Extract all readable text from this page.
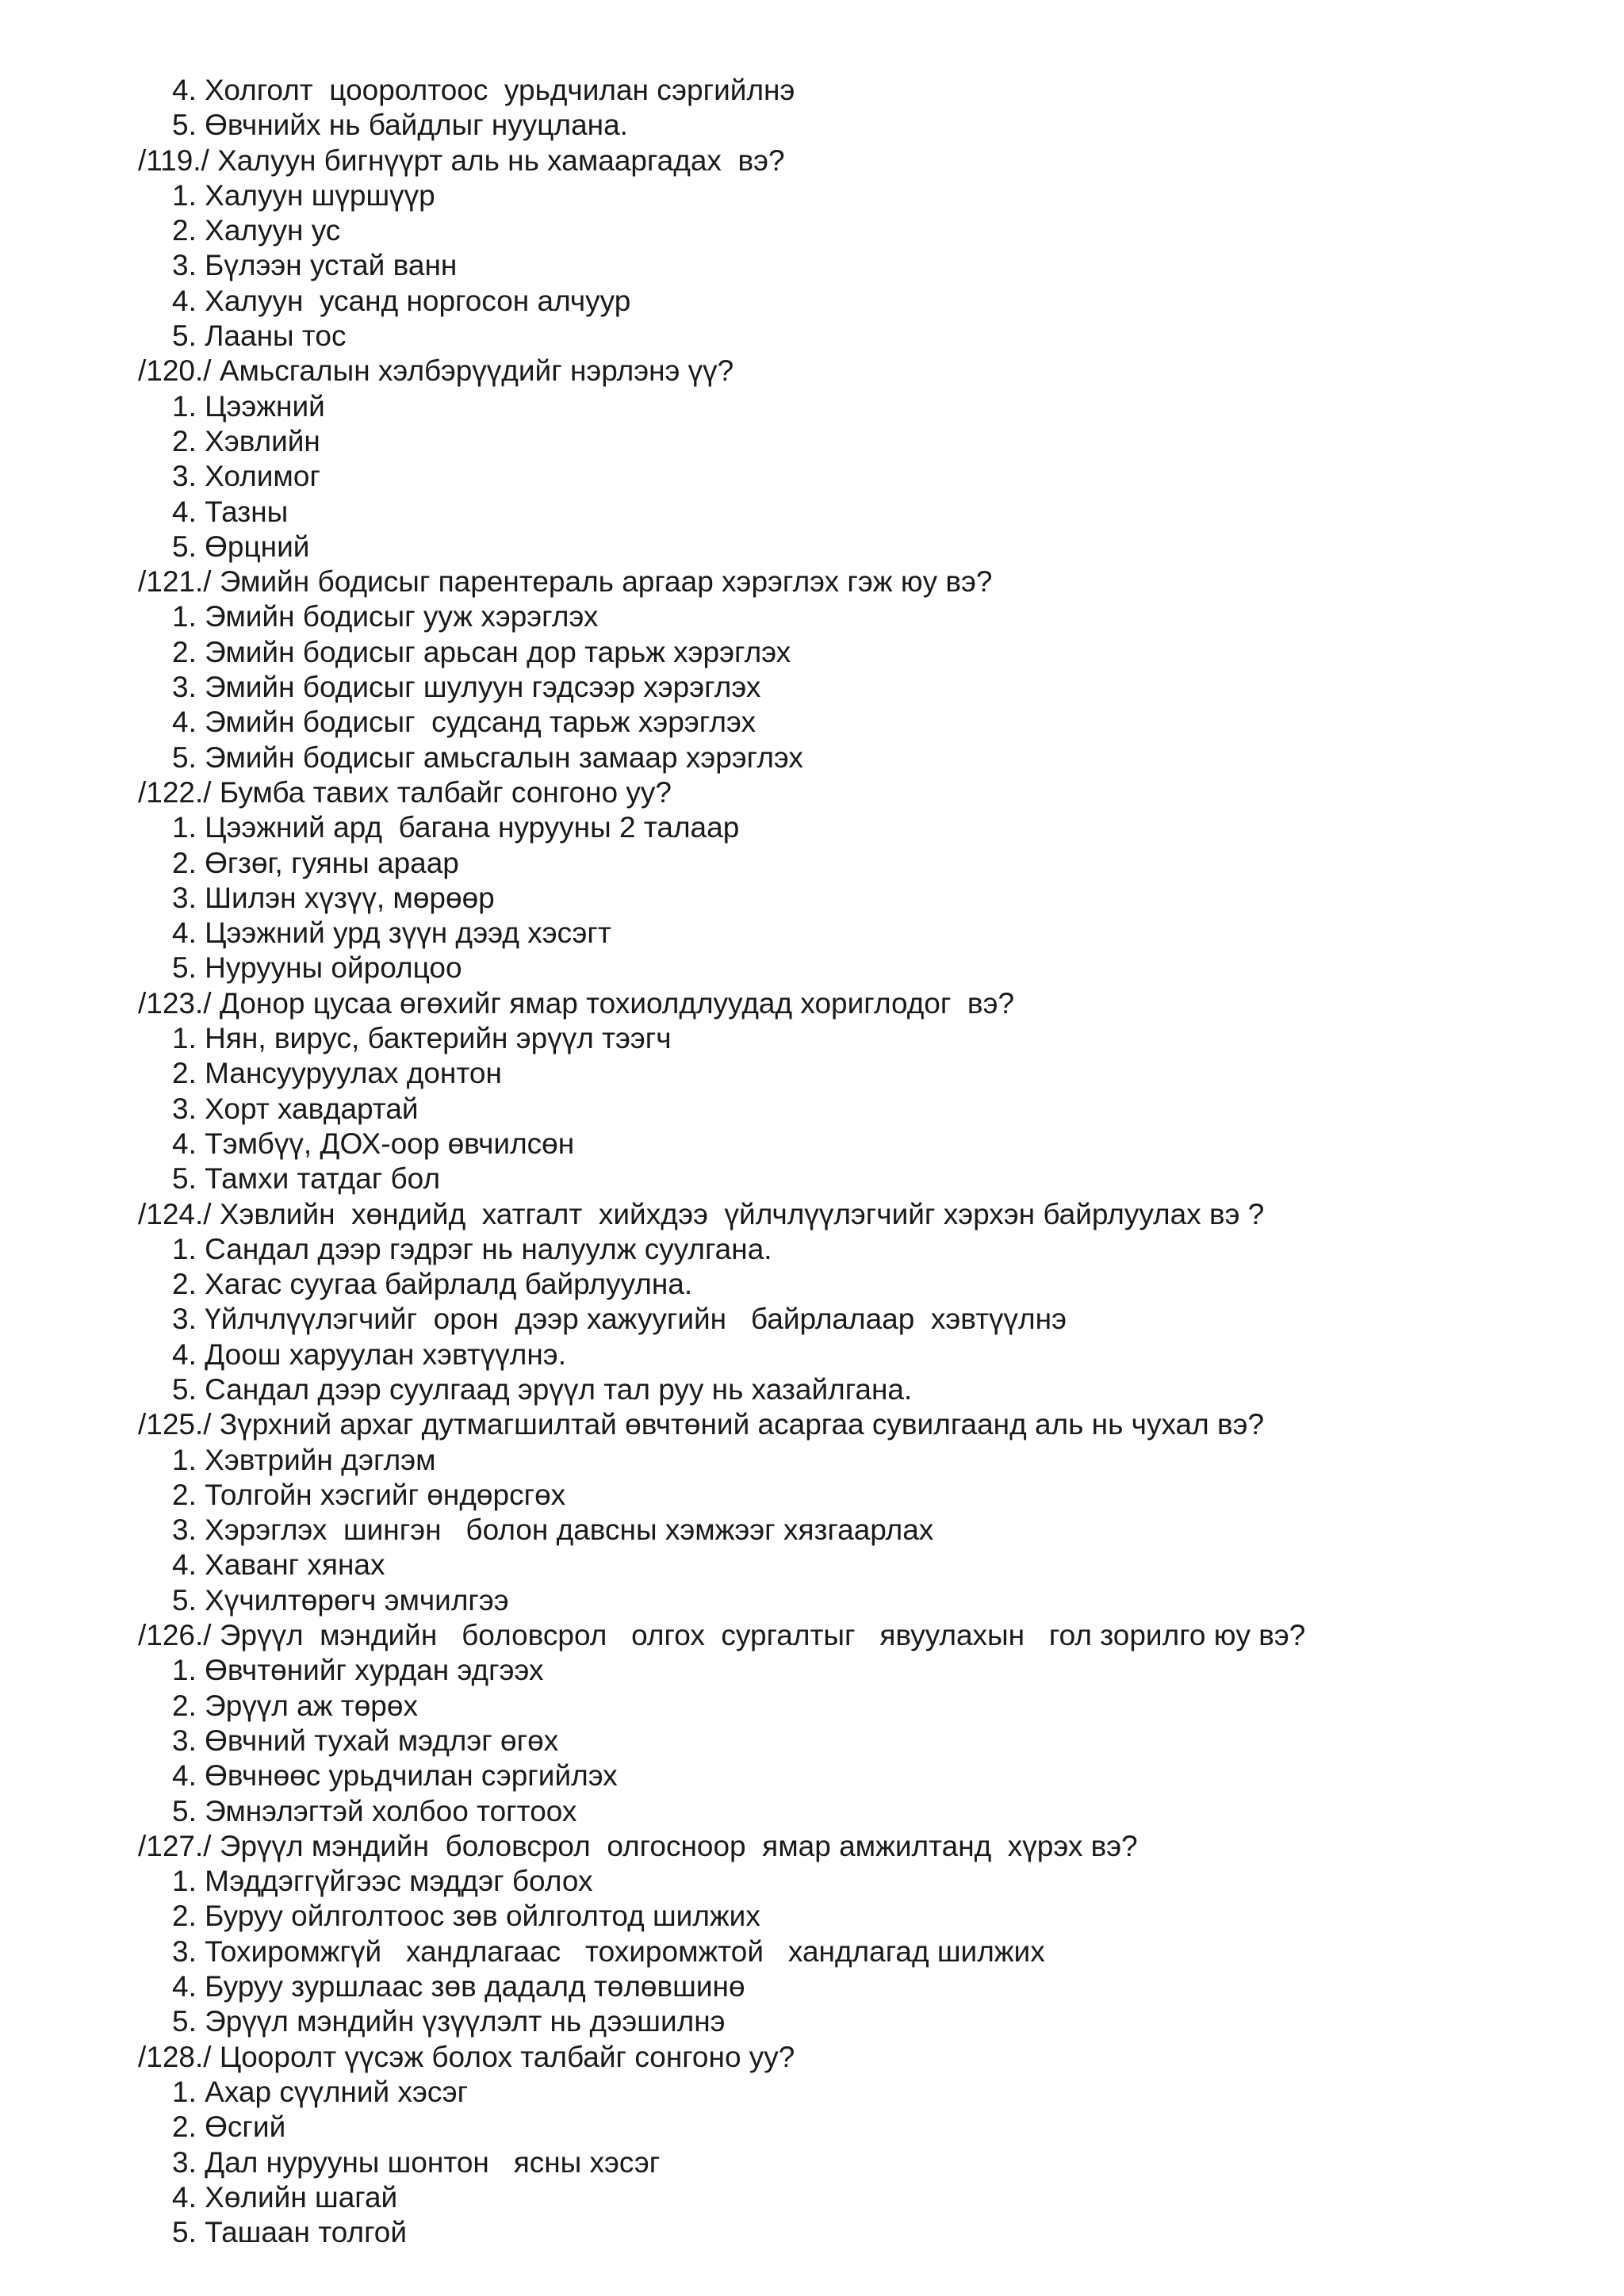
4. Холголт  цооролтоос  урьдчилан сэргийлнэ
5. Өвчнийх нь байдлыг нууцлана.
/119./ Халуун бигнүүрт аль нь хамааргадах  вэ?
1. Халуун шүршүүр
2. Халуун ус
3. Бүлээн устай ванн
4. Халуун  усанд норгосон алчуур
5. Лааны тос
/120./ Амьсгалын хэлбэрүүдийг нэрлэнэ үү?
1. Цээжний
2. Хэвлийн
3. Холимог
4. Тазны
5. Өрцний
/121./ Эмийн бодисыг парентераль аргаар хэрэглэх гэж юу вэ?
1. Эмийн бодисыг ууж хэрэглэх
2. Эмийн бодисыг арьсан дор тарьж хэрэглэх
3. Эмийн бодисыг шулуун гэдсээр хэрэглэх
4. Эмийн бодисыг  судсанд тарьж хэрэглэх
5. Эмийн бодисыг амьсгалын замаар хэрэглэх
/122./ Бумба тавих талбайг сонгоно уу?
1. Цээжний ард  багана нурууны 2 талаар
2. Өгзөг, гуяны араар
3. Шилэн хүзүү, мөрөөр
4. Цээжний урд зүүн дээд хэсэгт
5. Нурууны ойролцоо
/123./ Донор цусаа өгөхийг ямар тохиолдлуудад хориглодог  вэ?
1. Нян, вирус, бактерийн эрүүл тээгч
2. Мансууруулах донтон
3. Хорт хавдартай
4. Тэмбүү, ДОХ-оор өвчилсөн
5. Тамхи татдаг бол
/124./ Хэвлийн  хөндийд  хатгалт  хийхдээ  үйлчлүүлэгчийг хэрхэн байрлуулах вэ ?
1. Сандал дээр гэдрэг нь налуулж суулгана.
2. Хагас суугаа байрлалд байрлуулна.
3. Үйлчлүүлэгчийг  орон  дээр хажуугийн   байрлалаар  хэвтүүлнэ
4. Доош харуулан хэвтүүлнэ.
5. Сандал дээр суулгаад эрүүл тал руу нь хазайлгана.
/125./ Зүрхний архаг дутмагшилтай өвчтөний асаргаа сувилгаанд аль нь чухал вэ?
1. Хэвтрийн дэглэм
2. Толгойн хэсгийг өндөрсгөх
3. Хэрэглэх  шингэн   болон давсны хэмжээг хязгаарлах
4. Хаванг хянах
5. Хүчилтөрөгч эмчилгээ
/126./ Эрүүл  мэндийн   боловсрол   олгох  сургалтыг   явуулахын   гол зорилго юу вэ?
1. Өвчтөнийг хурдан эдгээх
2. Эрүүл аж төрөх
3. Өвчний тухай мэдлэг өгөх
4. Өвчнөөс урьдчилан сэргийлэх
5. Эмнэлэгтэй холбоо тогтоох
/127./ Эрүүл мэндийн  боловсрол  олгосноор  ямар амжилтанд  хүрэх вэ?
1. Мэддэггүйгээс мэддэг болох
2. Буруу ойлголтоос зөв ойлголтод шилжих
3. Тохиромжгүй   хандлагаас   тохиромжтой   хандлагад шилжих
4. Буруу зуршлаас зөв дадалд төлөвшинө
5. Эрүүл мэндийн үзүүлэлт нь дээшилнэ
/128./ Цооролт үүсэж болох талбайг сонгоно уу?
1. Ахар сүүлний хэсэг
2. Өсгий
3. Дал нурууны шонтон   ясны хэсэг
4. Хөлийн шагай
5. Ташаан толгой
